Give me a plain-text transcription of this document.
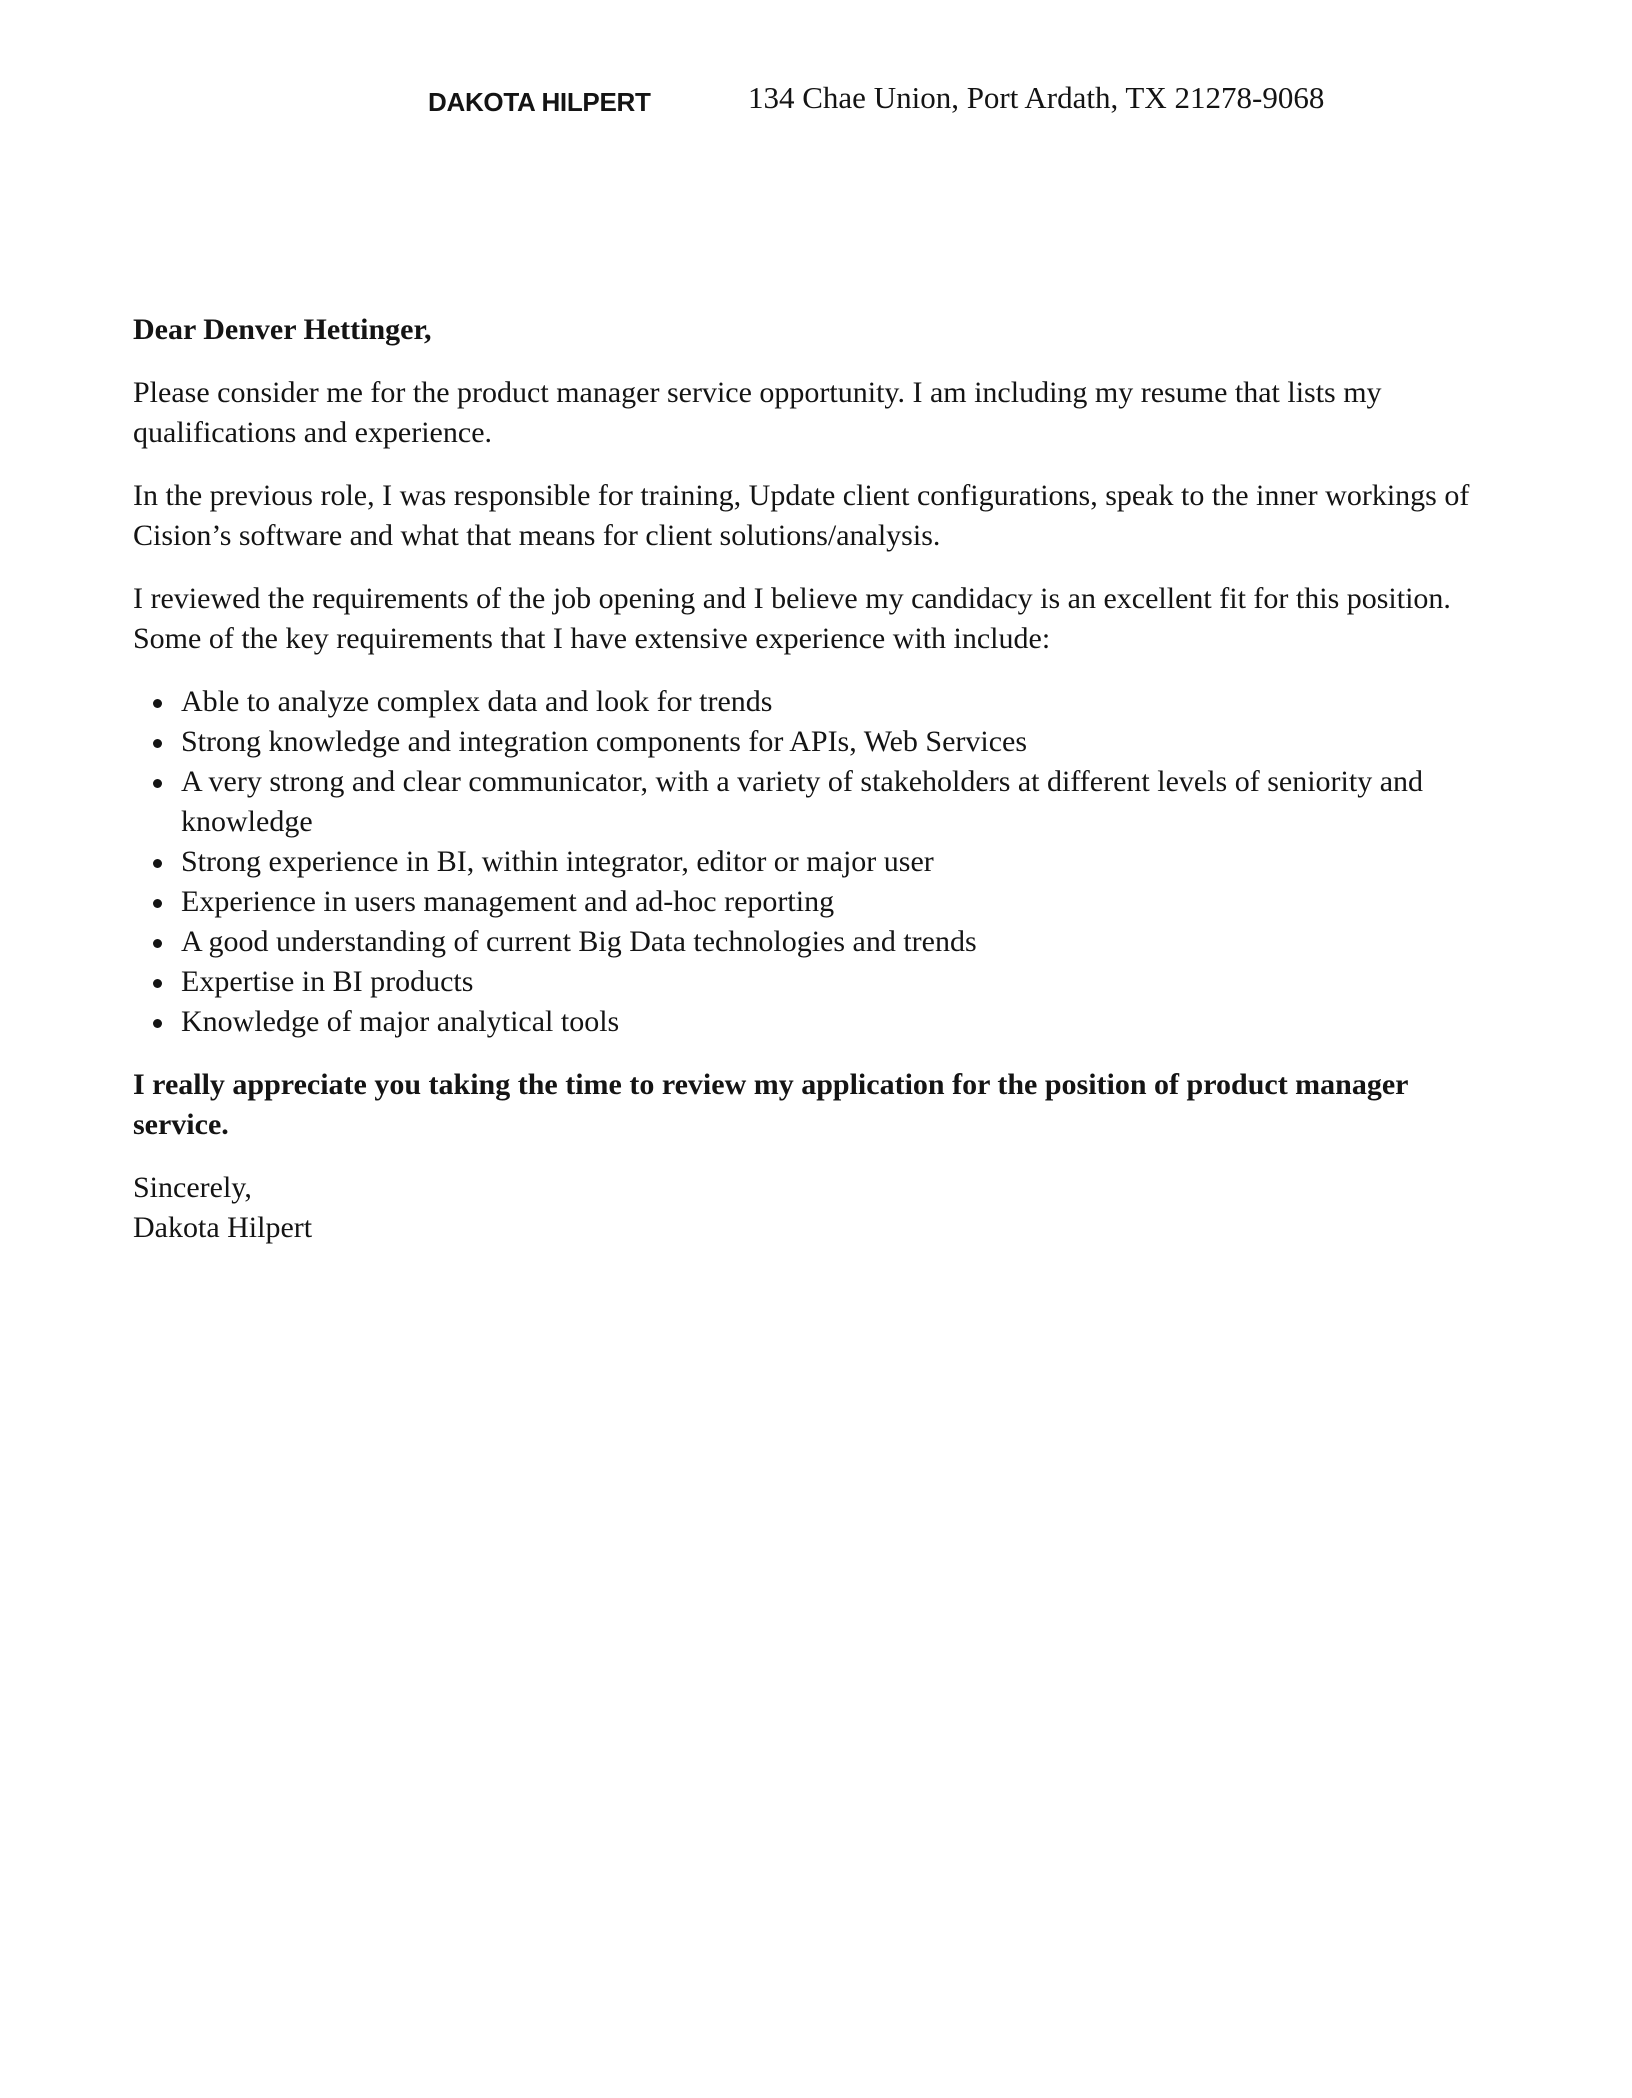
DAKOTA HILPERT	134 Chae Union, Port Ardath, TX 21278-9068

Dear Denver Hettinger,

Please consider me for the product manager service opportunity. I am including my resume that lists my qualifications and experience.

In the previous role, I was responsible for training, Update client configurations, speak to the inner workings of Cision’s software and what that means for client solutions/analysis.

I reviewed the requirements of the job opening and I believe my candidacy is an excellent fit for this position. Some of the key requirements that I have extensive experience with include:

Able to analyze complex data and look for trends
Strong knowledge and integration components for APIs, Web Services
A very strong and clear communicator, with a variety of stakeholders at different levels of seniority and knowledge
Strong experience in BI, within integrator, editor or major user
Experience in users management and ad-hoc reporting
A good understanding of current Big Data technologies and trends
Expertise in BI products
Knowledge of major analytical tools

I really appreciate you taking the time to review my application for the position of product manager service.

Sincerely,
Dakota Hilpert
